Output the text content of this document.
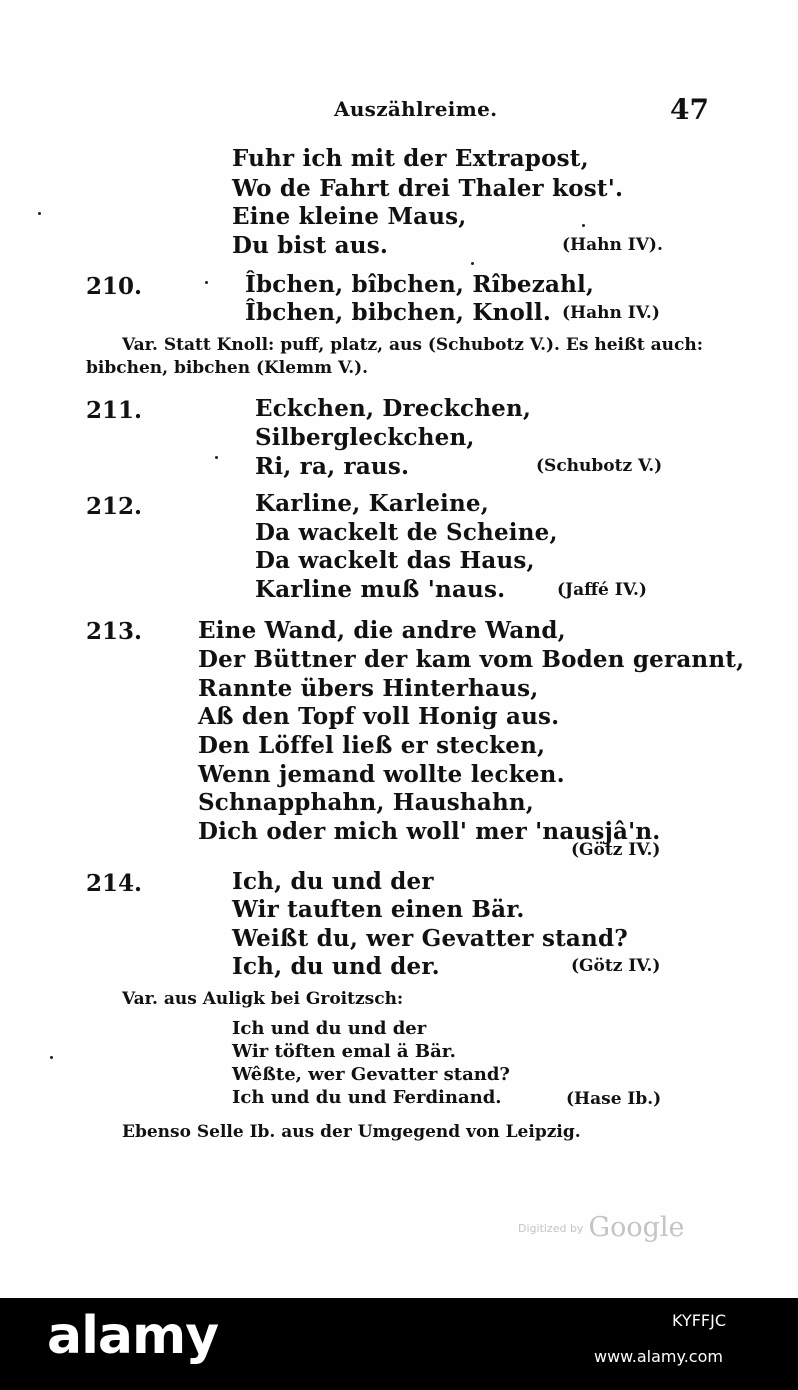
Auszählreime.	47
Fuhr ich mit der Extrapost,
Wo de Fahrt drei Thaler kost'.
Eine kleine Maus,
Du bist aus.	(Hahn IV).
210.	Îbchen, bîbchen, Rîbezahl,
Îbchen, bibchen, Knoll. (Hahn IV.)
Var. Statt Knoll: puff, platz, aus (Schubotz V.). Es heißt auch:
bibchen, bibchen (Klemm V.).
211.	Eckchen, Dreckchen,
Silbergleckchen,
Ri, ra, raus.	(Schubotz V.)
212.	Karline, Karleine,
Da wackelt de Scheine,
Da wackelt das Haus,
Karline muß 'naus.	(Jaffé IV.)
213. Eine Wand, die andre Wand,
Der Büttner der kam vom Boden gerannt,
Rannte übers Hinterhaus,
Aß den Topf voll Honig aus.
Den Löffel ließ er stecken,
Wenn jemand wollte lecken.
Schnapphahn, Haushahn,
Dich oder mich woll' mer 'nausjâ'n.
(Götz IV.)
214.	Ich, du und der
Wir tauften einen Bär.
Weißt du, wer Gevatter stand?
Ich, du und der.	(Götz IV.)
Var. aus Auligk bei Groitzsch:
Ich und du und der
Wir töften emal ä Bär.
Wêßte, wer Gevatter stand?
Ich und du und Ferdinand.	(Hase Ib.)
Ebenso Selle Ib. aus der Umgegend von Leipzig.
$^{Digitized by}$ Google
alamy	KYFFJC
www.alamy.com
